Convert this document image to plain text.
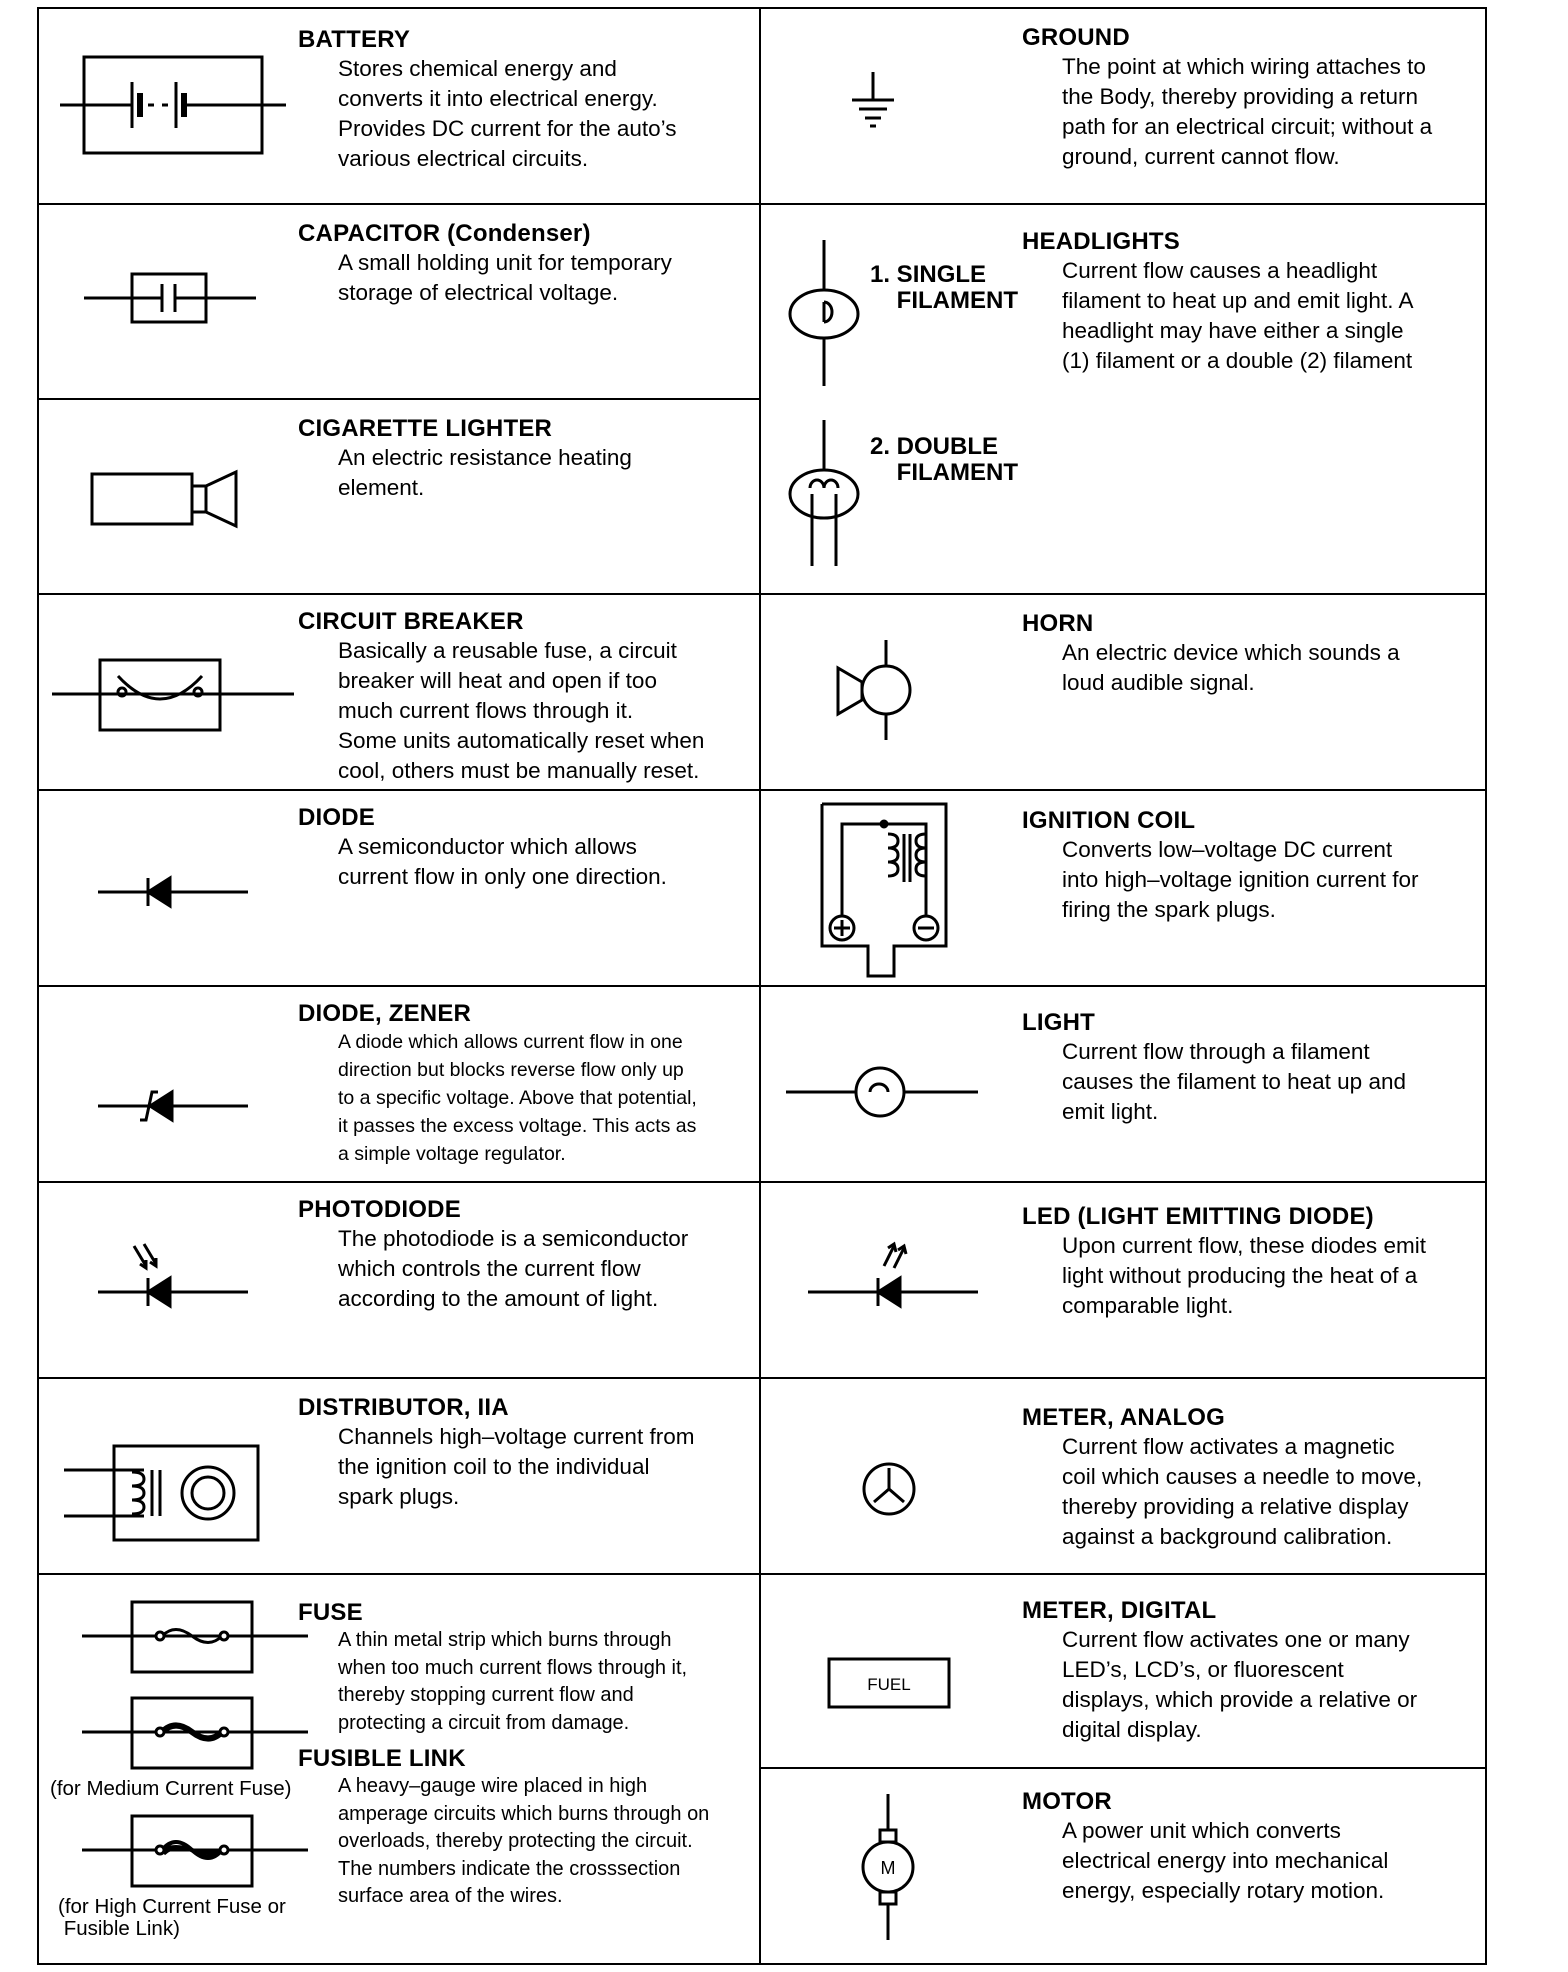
BATTERY
Stores chemical energy and
converts it into electrical energy.
Provides DC current for the auto’s
various electrical circuits.
CAPACITOR (Condenser)
A small holding unit for temporary
storage of electrical voltage.
CIGARETTE LIGHTER
An electric resistance heating
element.
CIRCUIT BREAKER
Basically a reusable fuse, a circuit
breaker will heat and open if too
much current flows through it.
Some units automatically reset when
cool, others must be manually reset.
DIODE
A semiconductor which allows
current flow in only one direction.
DIODE, ZENER
A diode which allows current flow in one
direction but blocks reverse flow only up
to a specific voltage. Above that potential,
it passes the excess voltage. This acts as
a simple voltage regulator.
PHOTODIODE
The photodiode is a semiconductor
which controls the current flow
according to the amount of light.
DISTRIBUTOR, IIA
Channels high–voltage current from
the ignition coil to the individual
spark plugs.
(for Medium Current Fuse)
(for High Current Fuse or
Fusible Link)
FUSE
A thin metal strip which burns through
when too much current flows through it,
thereby stopping current flow and
protecting a circuit from damage.
FUSIBLE LINK
A heavy–gauge wire placed in high
amperage circuits which burns through on
overloads, thereby protecting the circuit.
The numbers indicate the crosssection
surface area of the wires.
GROUND
The point at which wiring attaches to
the Body, thereby providing a return
path for an electrical circuit; without a
ground, current cannot flow.
1. SINGLE
FILAMENT
2. DOUBLE
FILAMENT
HEADLIGHTS
Current flow causes a headlight
filament to heat up and emit light. A
headlight may have either a single
(1) filament or a double (2) filament
HORN
An electric device which sounds a
loud audible signal.
IGNITION COIL
Converts low–voltage DC current
into high–voltage ignition current for
firing the spark plugs.
LIGHT
Current flow through a filament
causes the filament to heat up and
emit light.
LED (LIGHT EMITTING DIODE)
Upon current flow, these diodes emit
light without producing the heat of a
comparable light.
METER, ANALOG
Current flow activates a magnetic
coil which causes a needle to move,
thereby providing a relative display
against a background calibration.
FUEL
METER, DIGITAL
Current flow activates one or many
LED’s, LCD’s, or fluorescent
displays, which provide a relative or
digital display.
M
MOTOR
A power unit which converts
electrical energy into mechanical
energy, especially rotary motion.
